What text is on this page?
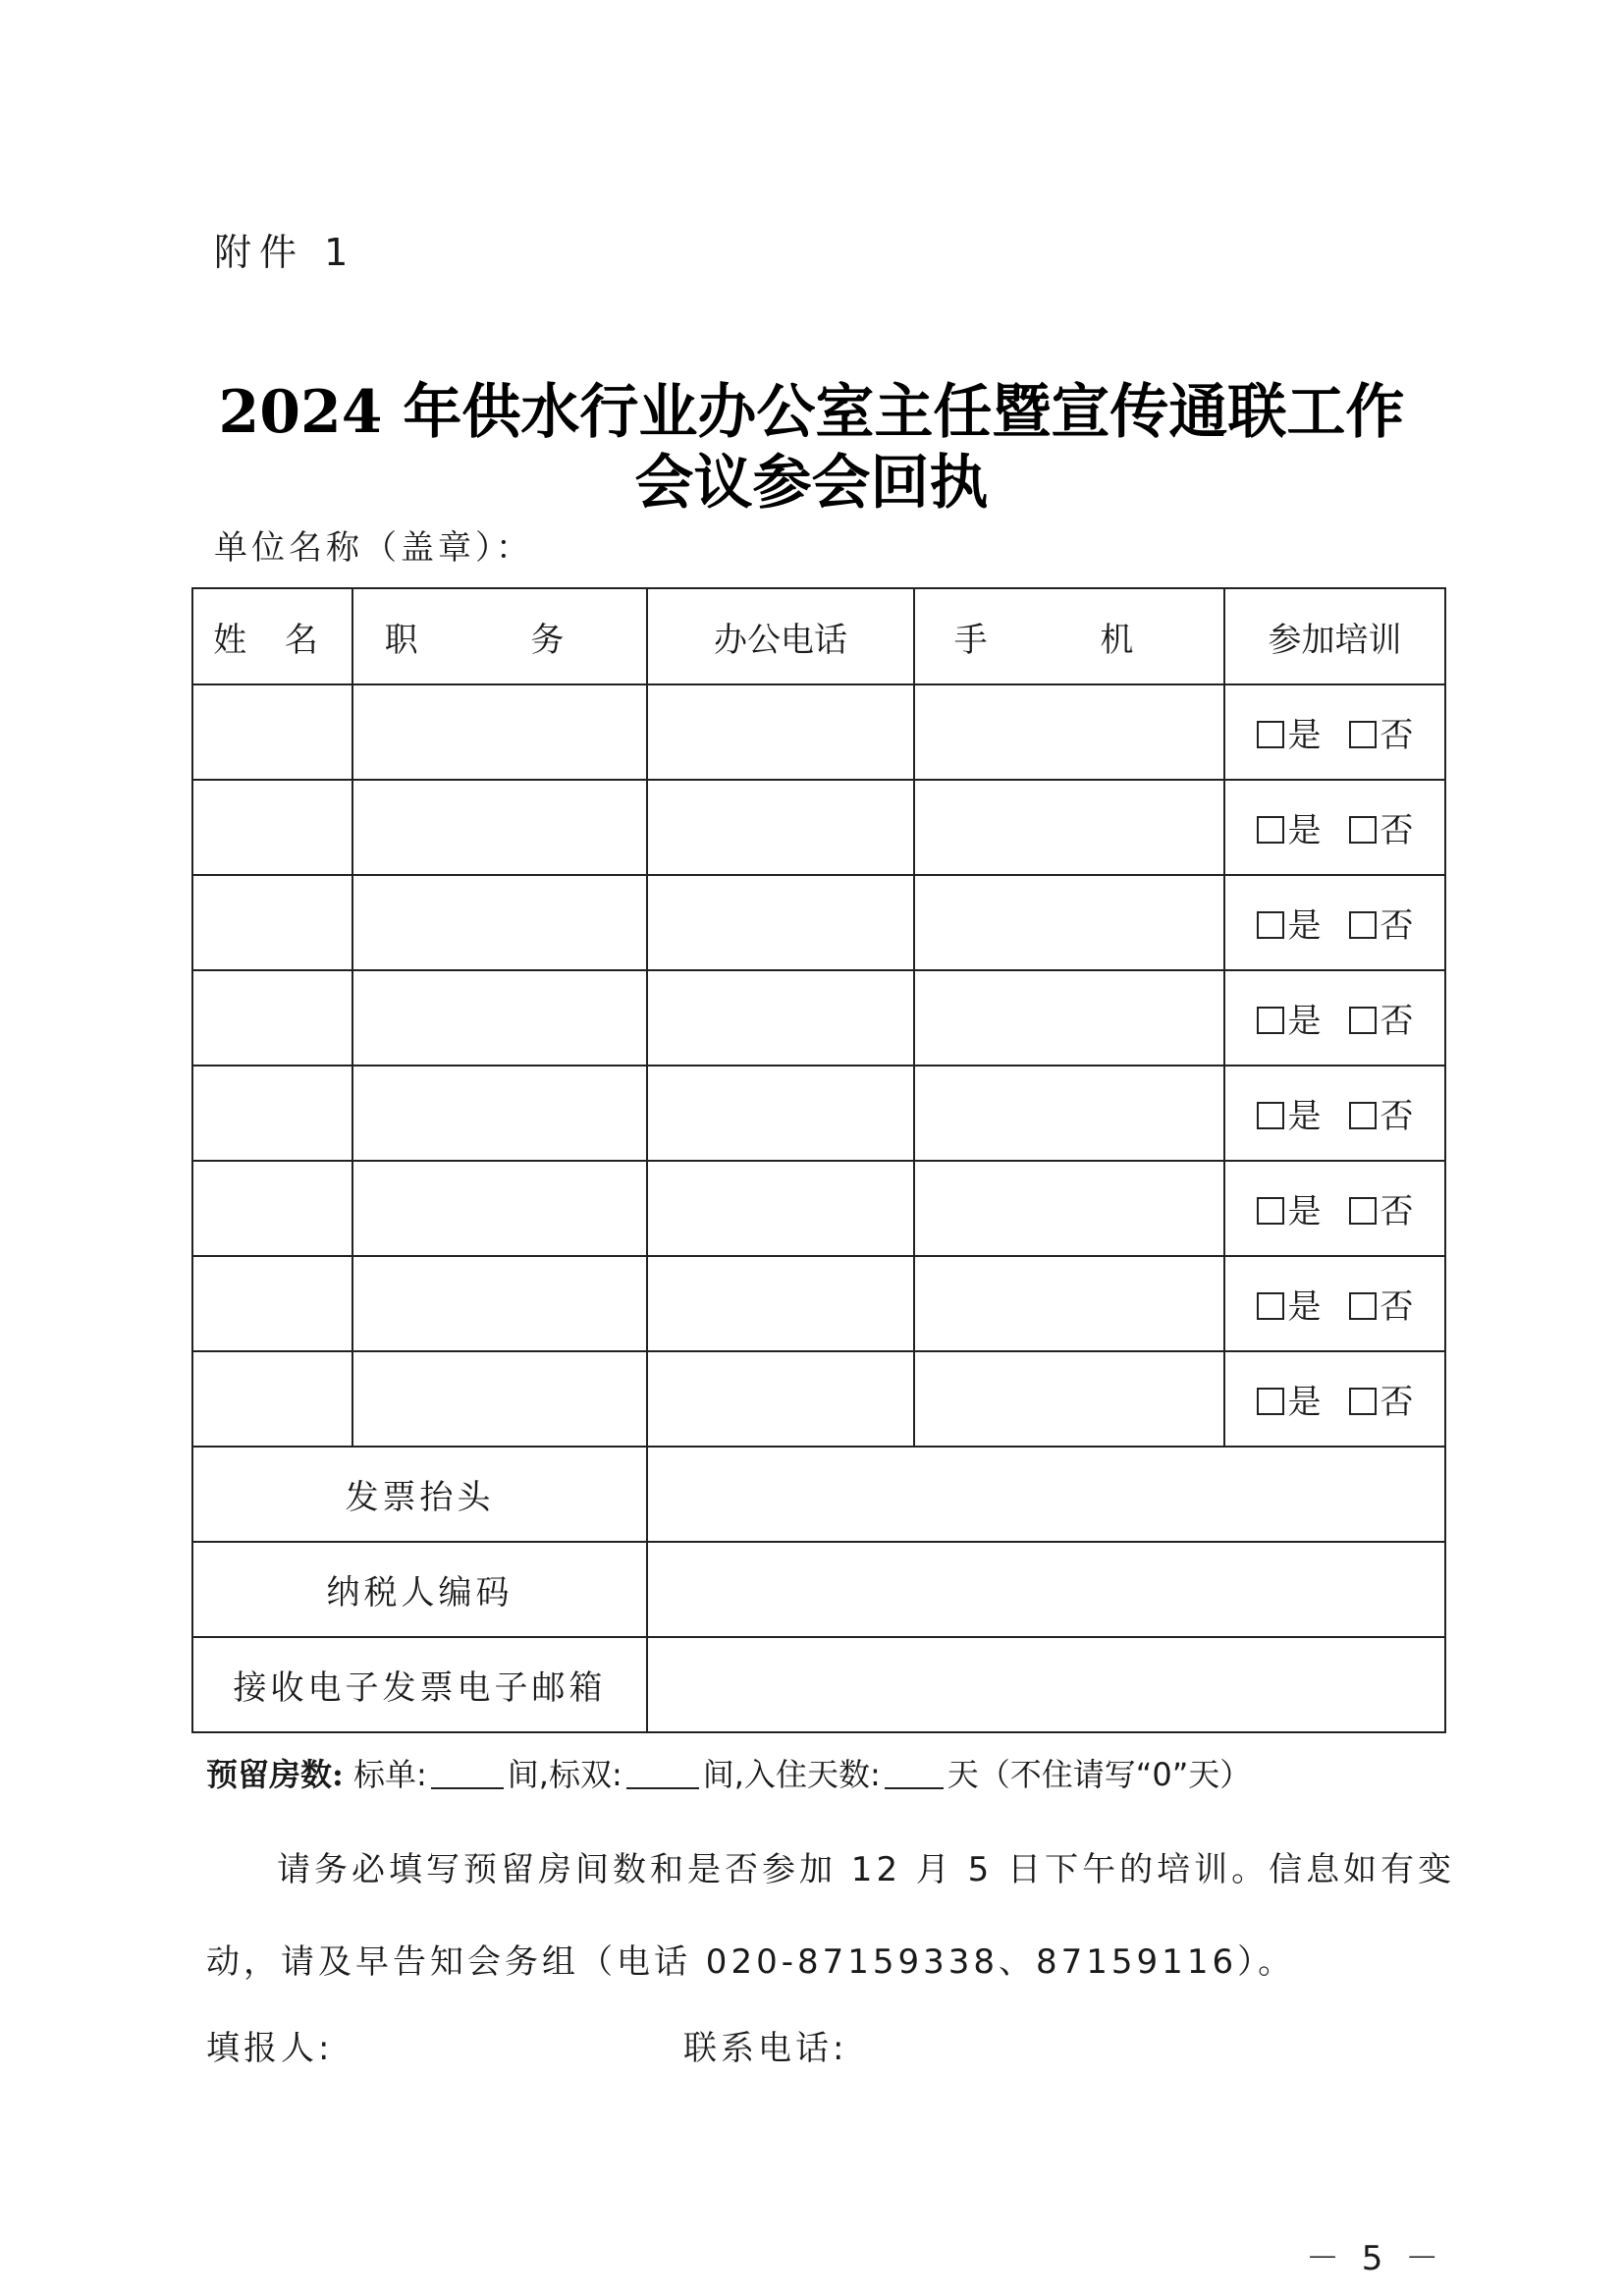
附件 1
2024 年供水行业办公室主任暨宣传通联工作
会议参会回执
单位名称（盖章）：
姓 名	职 务	办公电话	手 机	参加培训
				是 否
				是 否
				是 否
				是 否
				是 否
				是 否
				是 否
				是 否
发票抬头				
纳税人编码				
接收电子发票电子邮箱				
预留房数: 标单:	间,标双:	间,入住天数: 天（不住请写“0”天）
请务必填写预留房间数和是否参加 12 月 5 日下午的培训。信息如有变
动，请及早告知会务组（电话 020-87159338、87159116）。
填报人:	联系电话:
－ 5 －
